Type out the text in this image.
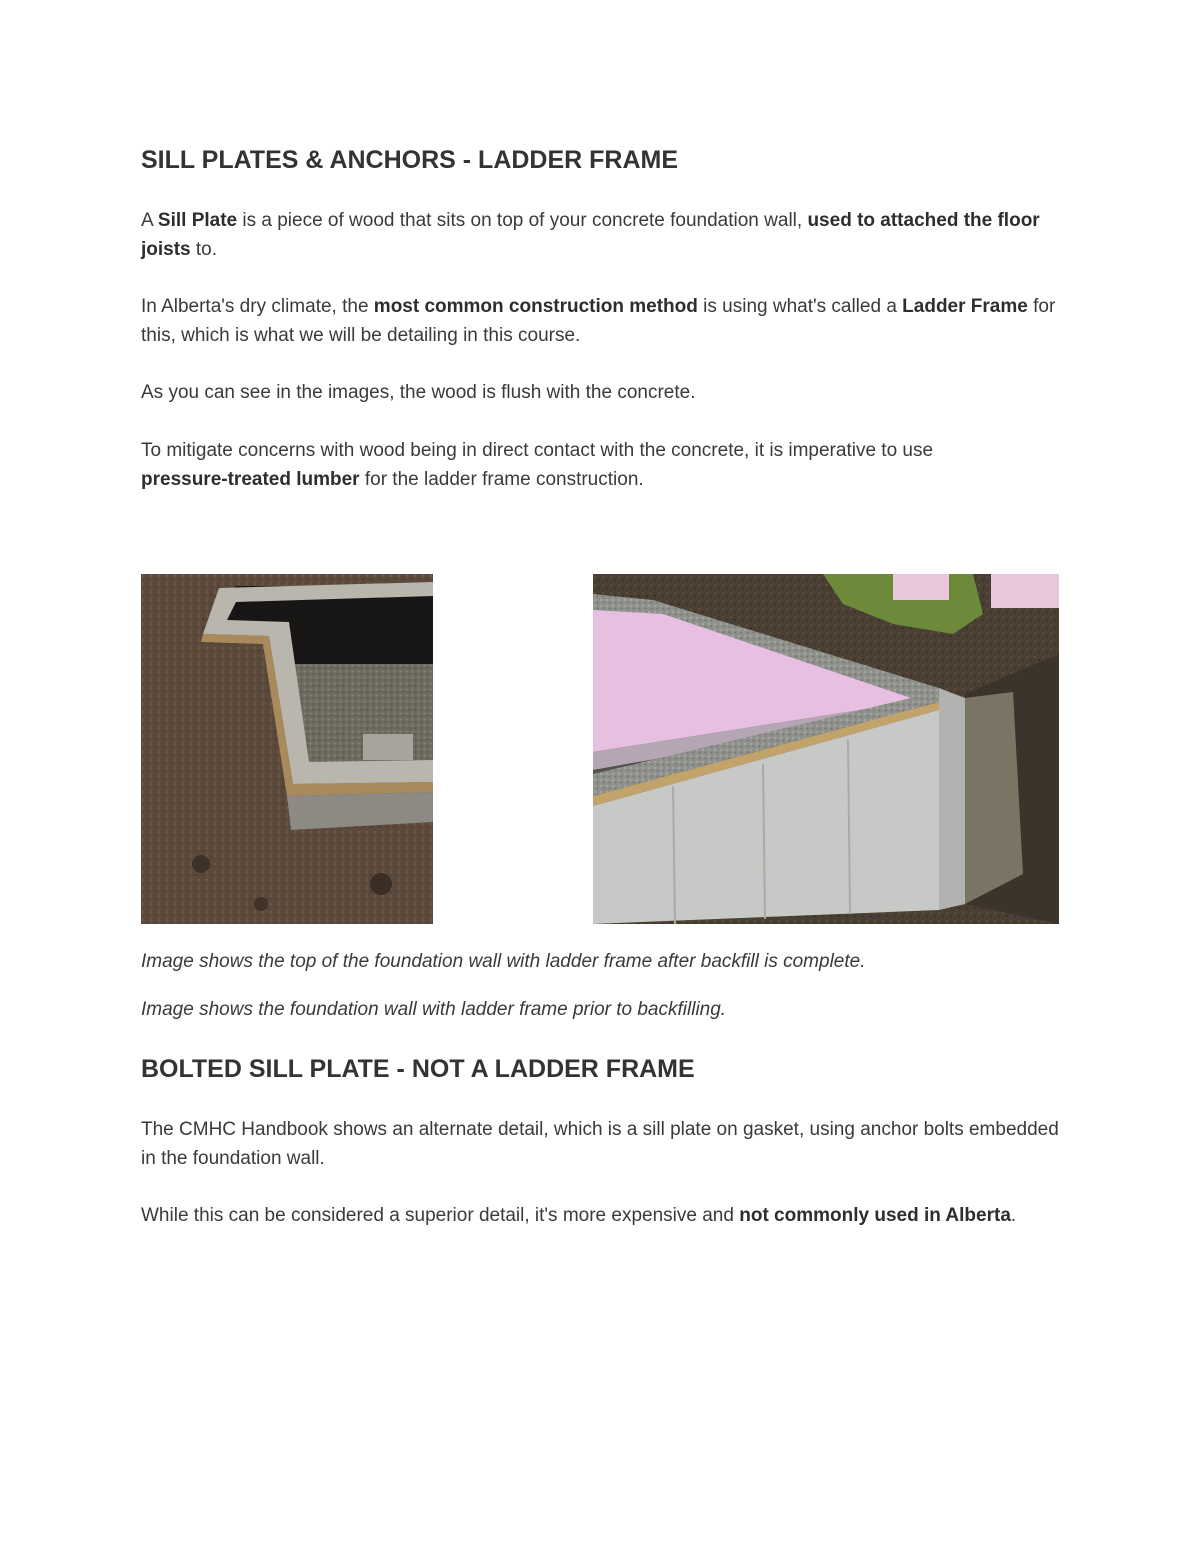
SILL PLATES & ANCHORS - LADDER FRAME

A Sill Plate is a piece of wood that sits on top of your concrete foundation wall, used to attached the floor joists to.

In Alberta's dry climate, the most common construction method is using what's called a Ladder Frame for this, which is what we will be detailing in this course.

As you can see in the images, the wood is flush with the concrete.

To mitigate concerns with wood being in direct contact with the concrete, it is imperative to use pressure-treated lumber for the ladder frame construction.

Image shows the top of the foundation wall with ladder frame after backfill is complete.

Image shows the foundation wall with ladder frame prior to backfilling.

BOLTED SILL PLATE - NOT A LADDER FRAME

The CMHC Handbook shows an alternate detail, which is a sill plate on gasket, using anchor bolts embedded in the foundation wall.

While this can be considered a superior detail, it's more expensive and not commonly used in Alberta.
